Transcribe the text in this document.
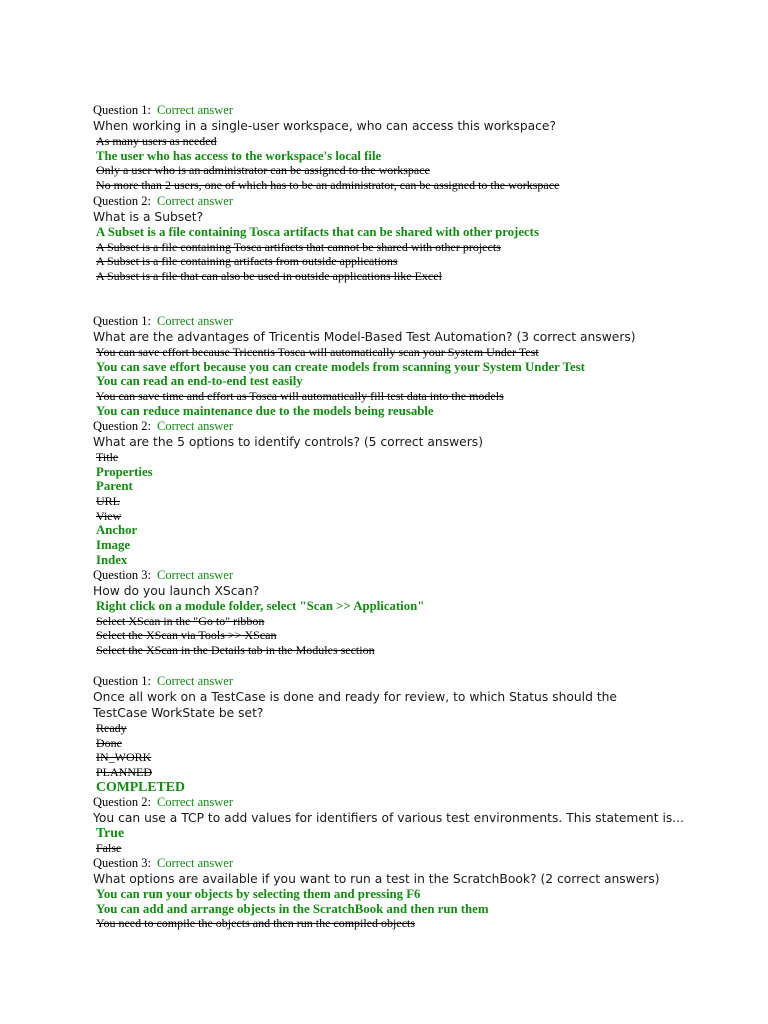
Question 1: Correct answer
When working in a single-user workspace, who can access this workspace?
As many users as needed
The user who has access to the workspace's local file
Only a user who is an administrator can be assigned to the workspace
No more than 2 users, one of which has to be an administrator, can be assigned to the workspace
Question 2: Correct answer
What is a Subset?
A Subset is a file containing Tosca artifacts that can be shared with other projects
A Subset is a file containing Tosca artifacts that cannot be shared with other projects
A Subset is a file containing artifacts from outside applications
A Subset is a file that can also be used in outside applications like Excel
Question 1: Correct answer
What are the advantages of Tricentis Model-Based Test Automation? (3 correct answers)
You can save effort because Tricentis Tosca will automatically scan your System Under Test
You can save effort because you can create models from scanning your System Under Test
You can read an end-to-end test easily
You can save time and effort as Tosca will automatically fill test data into the models
You can reduce maintenance due to the models being reusable
Question 2: Correct answer
What are the 5 options to identify controls? (5 correct answers)
Title
Properties
Parent
URL
View
Anchor
Image
Index
Question 3: Correct answer
How do you launch XScan?
Right click on a module folder, select "Scan >> Application"
Select XScan in the "Go to" ribbon
Select the XScan via Tools >> XScan
Select the XScan in the Details tab in the Modules section
Question 1: Correct answer
Once all work on a TestCase is done and ready for review, to which Status should the TestCase WorkState be set?
Ready
Done
IN_WORK
PLANNED
COMPLETED
Question 2: Correct answer
You can use a TCP to add values for identifiers of various test environments. This statement is...
True
False
Question 3: Correct answer
What options are available if you want to run a test in the ScratchBook? (2 correct answers)
You can run your objects by selecting them and pressing F6
You can add and arrange objects in the ScratchBook and then run them
You need to compile the objects and then run the compiled objects
